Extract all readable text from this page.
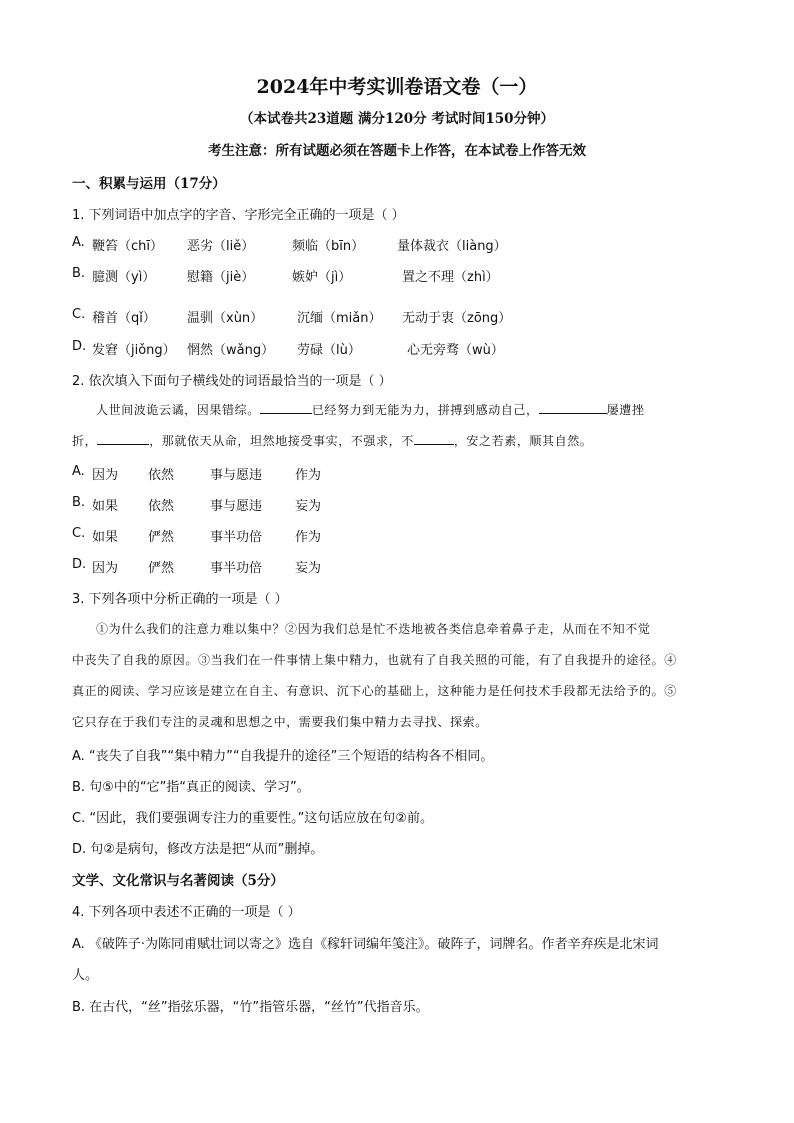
2024年中考实训卷语文卷（一）
（本试卷共23道题 满分120分 考试时间150分钟）
考生注意：所有试题必须在答题卡上作答，在本试卷上作答无效
一、积累与运用（17分）
1. 下列词语中加点字的字音、字形完全正确的一项是（ ）
A. 鞭笞（chī） 恶劣（liě）	频临（bīn）	量体裁衣（liàng）
B. 臆测（yì） 慰籍（jiè）	嫉妒（jì）	置之不理（zhì）
C. 稽首（qǐ） 温驯（xùn）	沉缅（miǎn） 无动于衷（zōng）
D. 发窘（jiǒng） 惘然（wǎng） 劳碌（lù）	心无旁骛（wù）
2. 依次填入下面句子横线处的词语最恰当的一项是（ ）
人世间波诡云谲，因果错综。	已经努力到无能为力，拼搏到感动自己，	屡遭挫
折，	，那就依天从命，坦然地接受事实，不强求，不	，安之若素，顺其自然。
A. 因为 依然	事与愿违	作为
B. 如果 依然	事与愿违	妄为
C. 如果 俨然	事半功倍	作为
D. 因为 俨然	事半功倍	妄为
3. 下列各项中分析正确的一项是（ ）
①为什么我们的注意力难以集中？②因为我们总是忙不迭地被各类信息牵着鼻子走，从而在不知不觉
中丧失了自我的原因。③当我们在一件事情上集中精力，也就有了自我关照的可能，有了自我提升的途径。④
真正的阅读、学习应该是建立在自主、有意识、沉下心的基础上，这种能力是任何技术手段都无法给予的。⑤
它只存在于我们专注的灵魂和思想之中，需要我们集中精力去寻找、探索。
A. “丧失了自我”“集中精力”“自我提升的途径”三个短语的结构各不相同。
B. 句⑤中的“它”指“真正的阅读、学习”。
C. “因此，我们要强调专注力的重要性。”这句话应放在句②前。
D. 句②是病句，修改方法是把“从而”删掉。
文学、文化常识与名著阅读（5分）
4. 下列各项中表述不正确的一项是（ ）
A. 《破阵子·为陈同甫赋壮词以寄之》选自《稼轩词编年笺注》。破阵子，词牌名。作者辛弃疾是北宋词
人。
B. 在古代，“丝”指弦乐器，“竹”指管乐器，“丝竹”代指音乐。
